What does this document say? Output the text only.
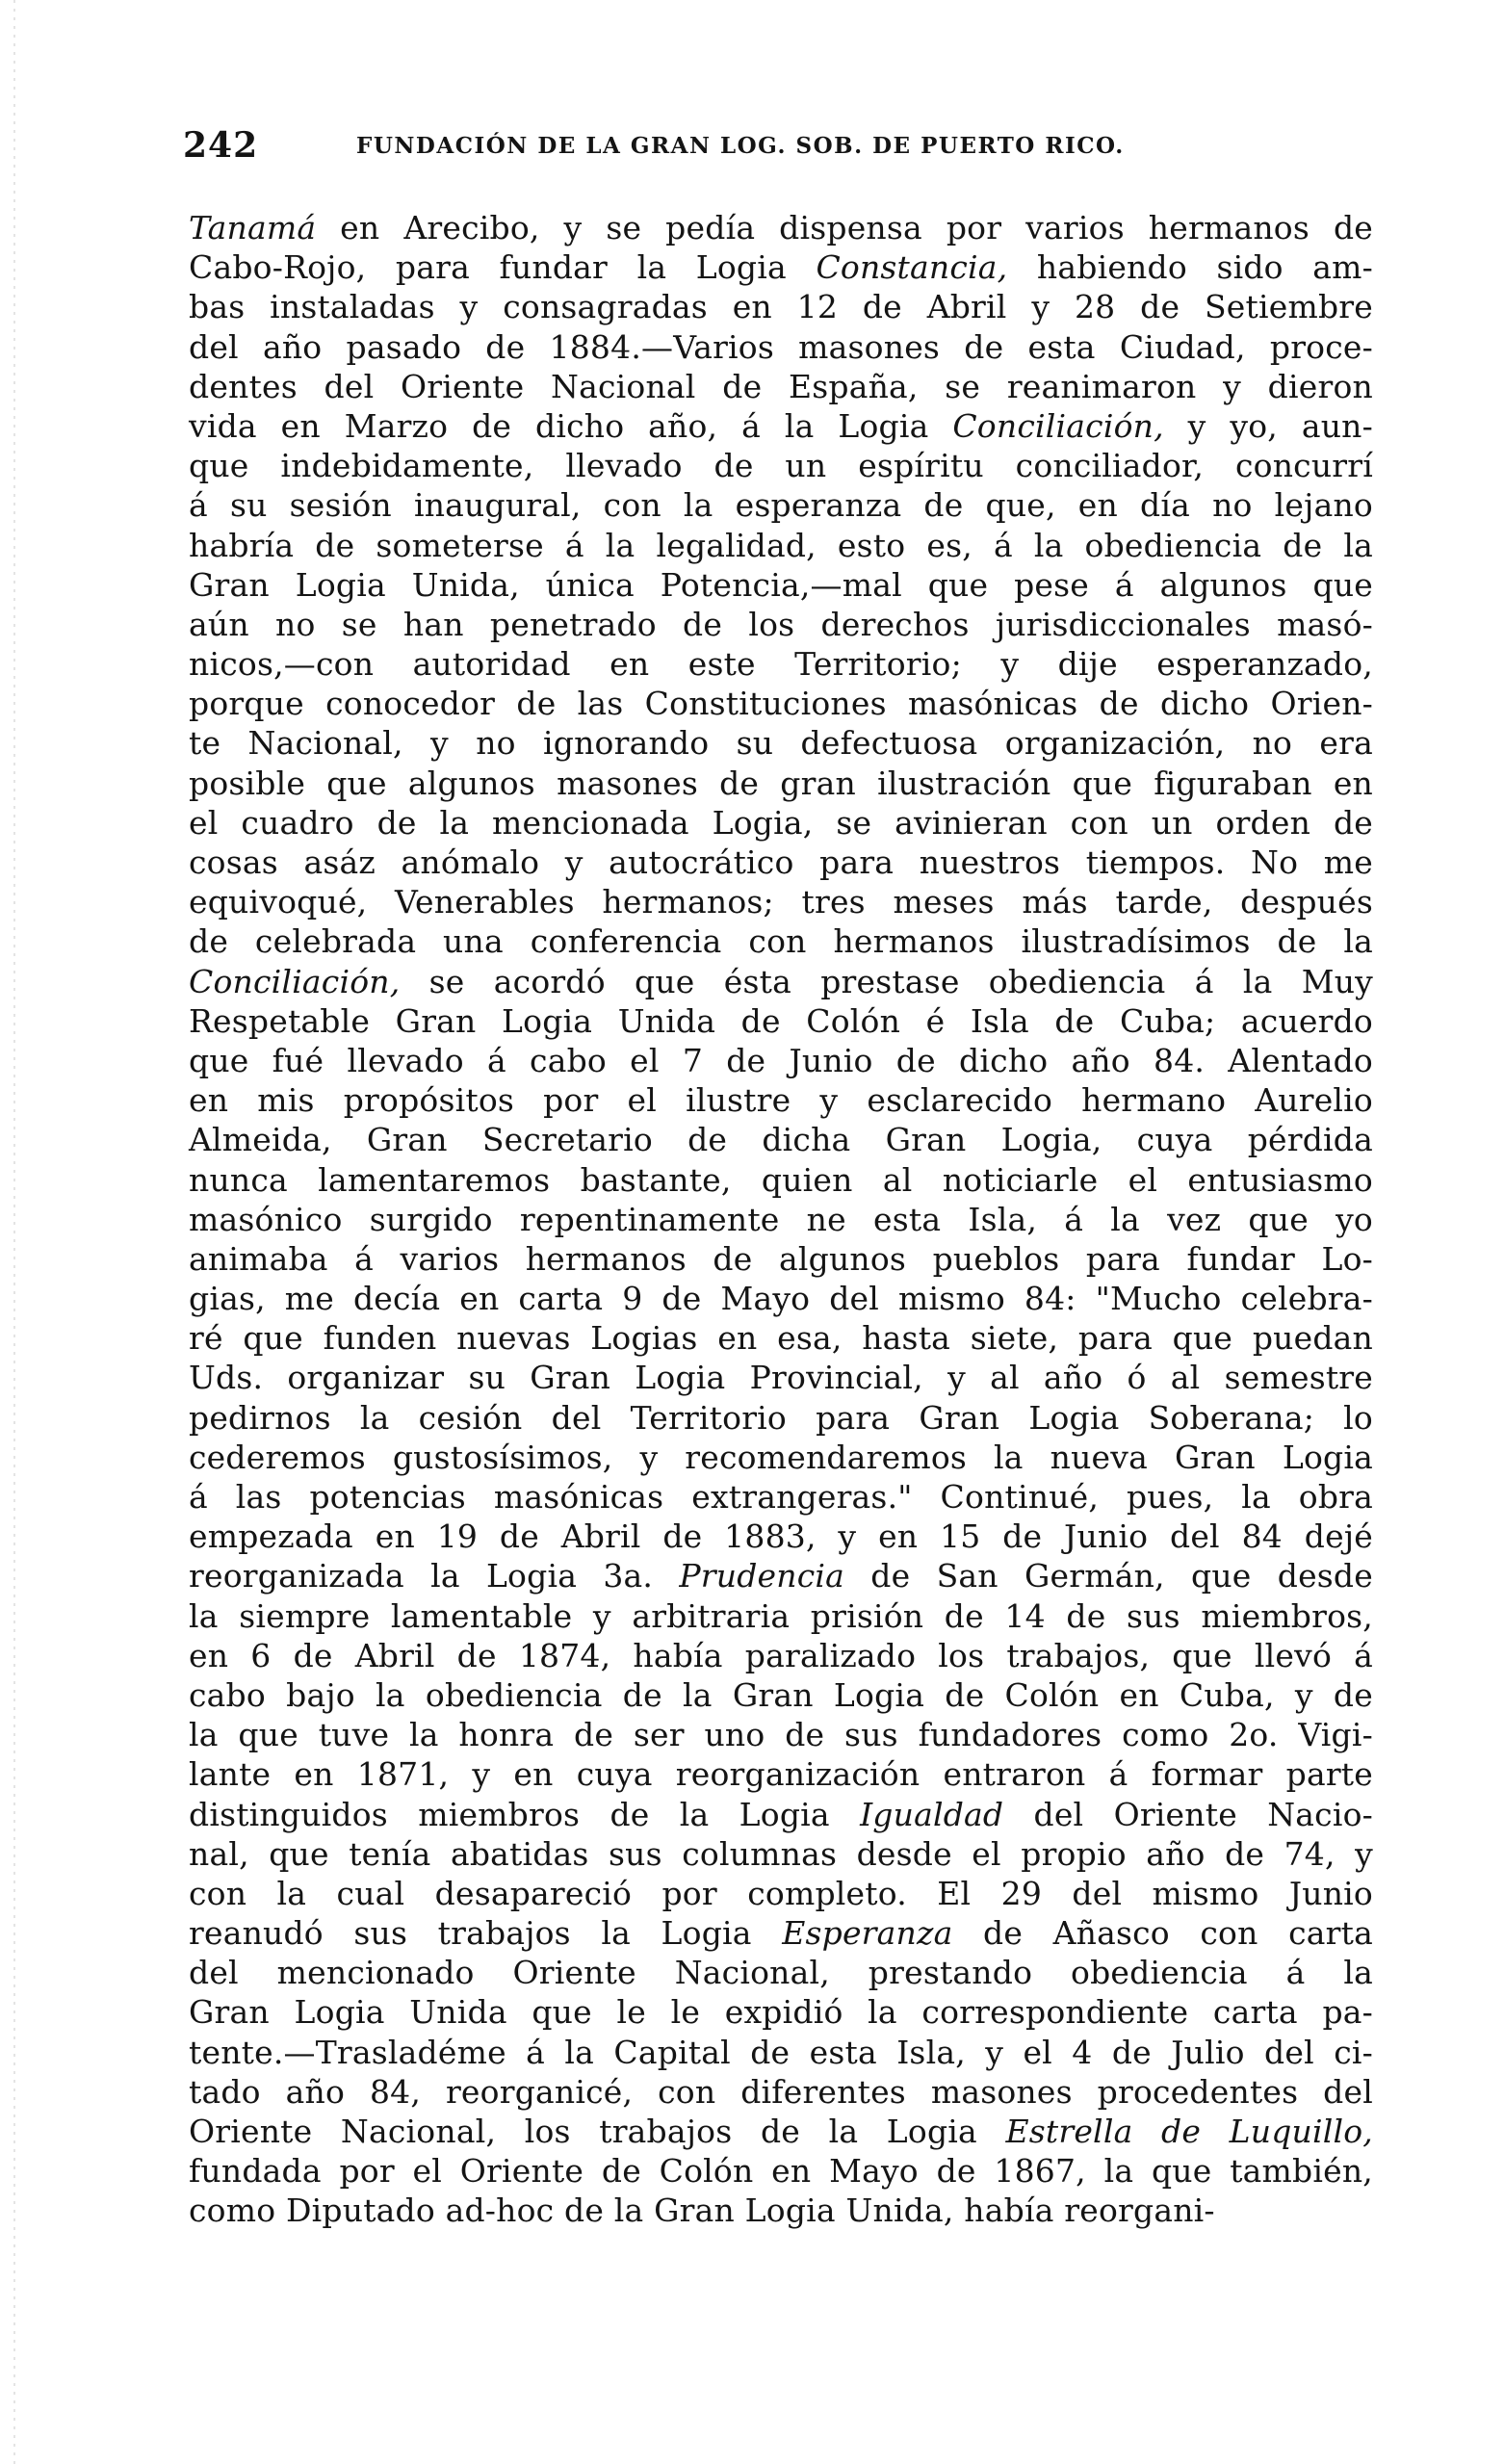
242	FUNDACIÓN DE LA GRAN LOG. SOB. DE PUERTO RICO.
Tanamá en Arecibo, y se pedía dispensa por varios hermanos de
Cabo-Rojo, para fundar la Logia Constancia, habiendo sido am-
bas instaladas y consagradas en 12 de Abril y 28 de Setiembre
del año pasado de 1884.—Varios masones de esta Ciudad, proce-
dentes del Oriente Nacional de España, se reanimaron y dieron
vida en Marzo de dicho año, á la Logia Conciliación, y yo, aun-
que indebidamente, llevado de un espíritu conciliador, concurrí
á su sesión inaugural, con la esperanza de que, en día no lejano
habría de someterse á la legalidad, esto es, á la obediencia de la
Gran Logia Unida, única Potencia,—mal que pese á algunos que
aún no se han penetrado de los derechos jurisdiccionales masó-
nicos,—con autoridad en este Territorio; y dije esperanzado,
porque conocedor de las Constituciones masónicas de dicho Orien-
te Nacional, y no ignorando su defectuosa organización, no era
posible que algunos masones de gran ilustración que figuraban en
el cuadro de la mencionada Logia, se avinieran con un orden de
cosas asáz anómalo y autocrático para nuestros tiempos. No me
equivoqué, Venerables hermanos; tres meses más tarde, después
de celebrada una conferencia con hermanos ilustradísimos de la
Conciliación, se acordó que ésta prestase obediencia á la Muy
Respetable Gran Logia Unida de Colón é Isla de Cuba; acuerdo
que fué llevado á cabo el 7 de Junio de dicho año 84. Alentado
en mis propósitos por el ilustre y esclarecido hermano Aurelio
Almeida, Gran Secretario de dicha Gran Logia, cuya pérdida
nunca lamentaremos bastante, quien al noticiarle el entusiasmo
masónico surgido repentinamente ne esta Isla, á la vez que yo
animaba á varios hermanos de algunos pueblos para fundar Lo-
gias, me decía en carta 9 de Mayo del mismo 84: "Mucho celebra-
ré que funden nuevas Logias en esa, hasta siete, para que puedan
Uds. organizar su Gran Logia Provincial, y al año ó al semestre
pedirnos la cesión del Territorio para Gran Logia Soberana; lo
cederemos gustosísimos, y recomendaremos la nueva Gran Logia
á las potencias masónicas extrangeras." Continué, pues, la obra
empezada en 19 de Abril de 1883, y en 15 de Junio del 84 dejé
reorganizada la Logia 3a. Prudencia de San Germán, que desde
la siempre lamentable y arbitraria prisión de 14 de sus miembros,
en 6 de Abril de 1874, había paralizado los trabajos, que llevó á
cabo bajo la obediencia de la Gran Logia de Colón en Cuba, y de
la que tuve la honra de ser uno de sus fundadores como 2o. Vigi-
lante en 1871, y en cuya reorganización entraron á formar parte
distinguidos miembros de la Logia Igualdad del Oriente Nacio-
nal, que tenía abatidas sus columnas desde el propio año de 74, y
con la cual desapareció por completo. El 29 del mismo Junio
reanudó sus trabajos la Logia Esperanza de Añasco con carta
del mencionado Oriente Nacional, prestando obediencia á la
Gran Logia Unida que le le expidió la correspondiente carta pa-
tente.—Trasladéme á la Capital de esta Isla, y el 4 de Julio del ci-
tado año 84, reorganicé, con diferentes masones procedentes del
Oriente Nacional, los trabajos de la Logia Estrella de Luquillo,
fundada por el Oriente de Colón en Mayo de 1867, la que también,
como Diputado ad-hoc de la Gran Logia Unida, había reorgani-
